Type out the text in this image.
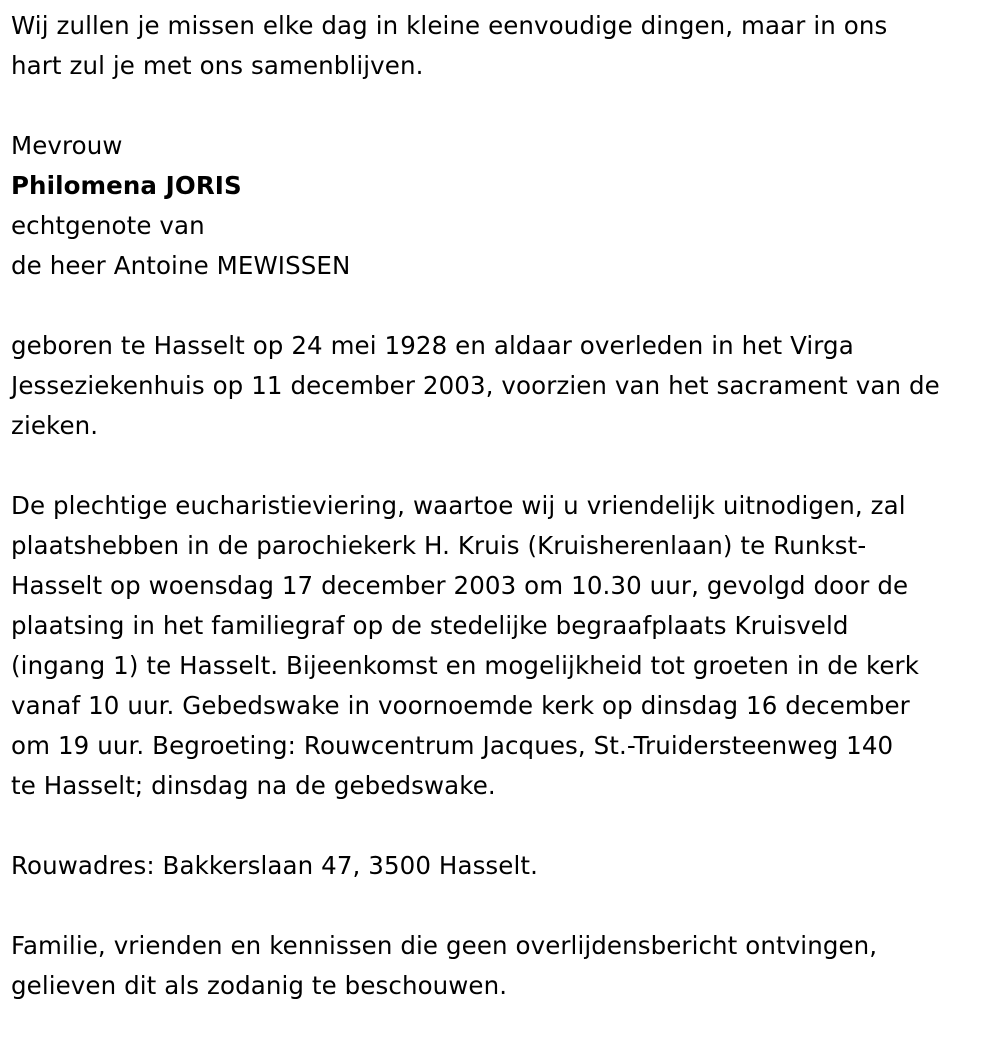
Wij zullen je missen elke dag in kleine eenvoudige dingen, maar in ons

hart zul je met ons samenblijven.

Mevrouw

Philomena JORIS

echtgenote van

de heer Antoine MEWISSEN

geboren te Hasselt op 24 mei 1928 en aldaar overleden in het Virga

Jesseziekenhuis op 11 december 2003, voorzien van het sacrament van de

zieken.

De plechtige eucharistieviering, waartoe wij u vriendelijk uitnodigen, zal

plaatshebben in de parochiekerk H. Kruis (Kruisherenlaan) te Runkst-

Hasselt op woensdag 17 december 2003 om 10.30 uur, gevolgd door de

plaatsing in het familiegraf op de stedelijke begraafplaats Kruisveld

(ingang 1) te Hasselt. Bijeenkomst en mogelijkheid tot groeten in de kerk

vanaf 10 uur. Gebedswake in voornoemde kerk op dinsdag 16 december

om 19 uur. Begroeting: Rouwcentrum Jacques, St.-Truidersteenweg 140

te Hasselt; dinsdag na de gebedswake.

Rouwadres: Bakkerslaan 47, 3500 Hasselt.

Familie, vrienden en kennissen die geen overlijdensbericht ontvingen,

gelieven dit als zodanig te beschouwen.
